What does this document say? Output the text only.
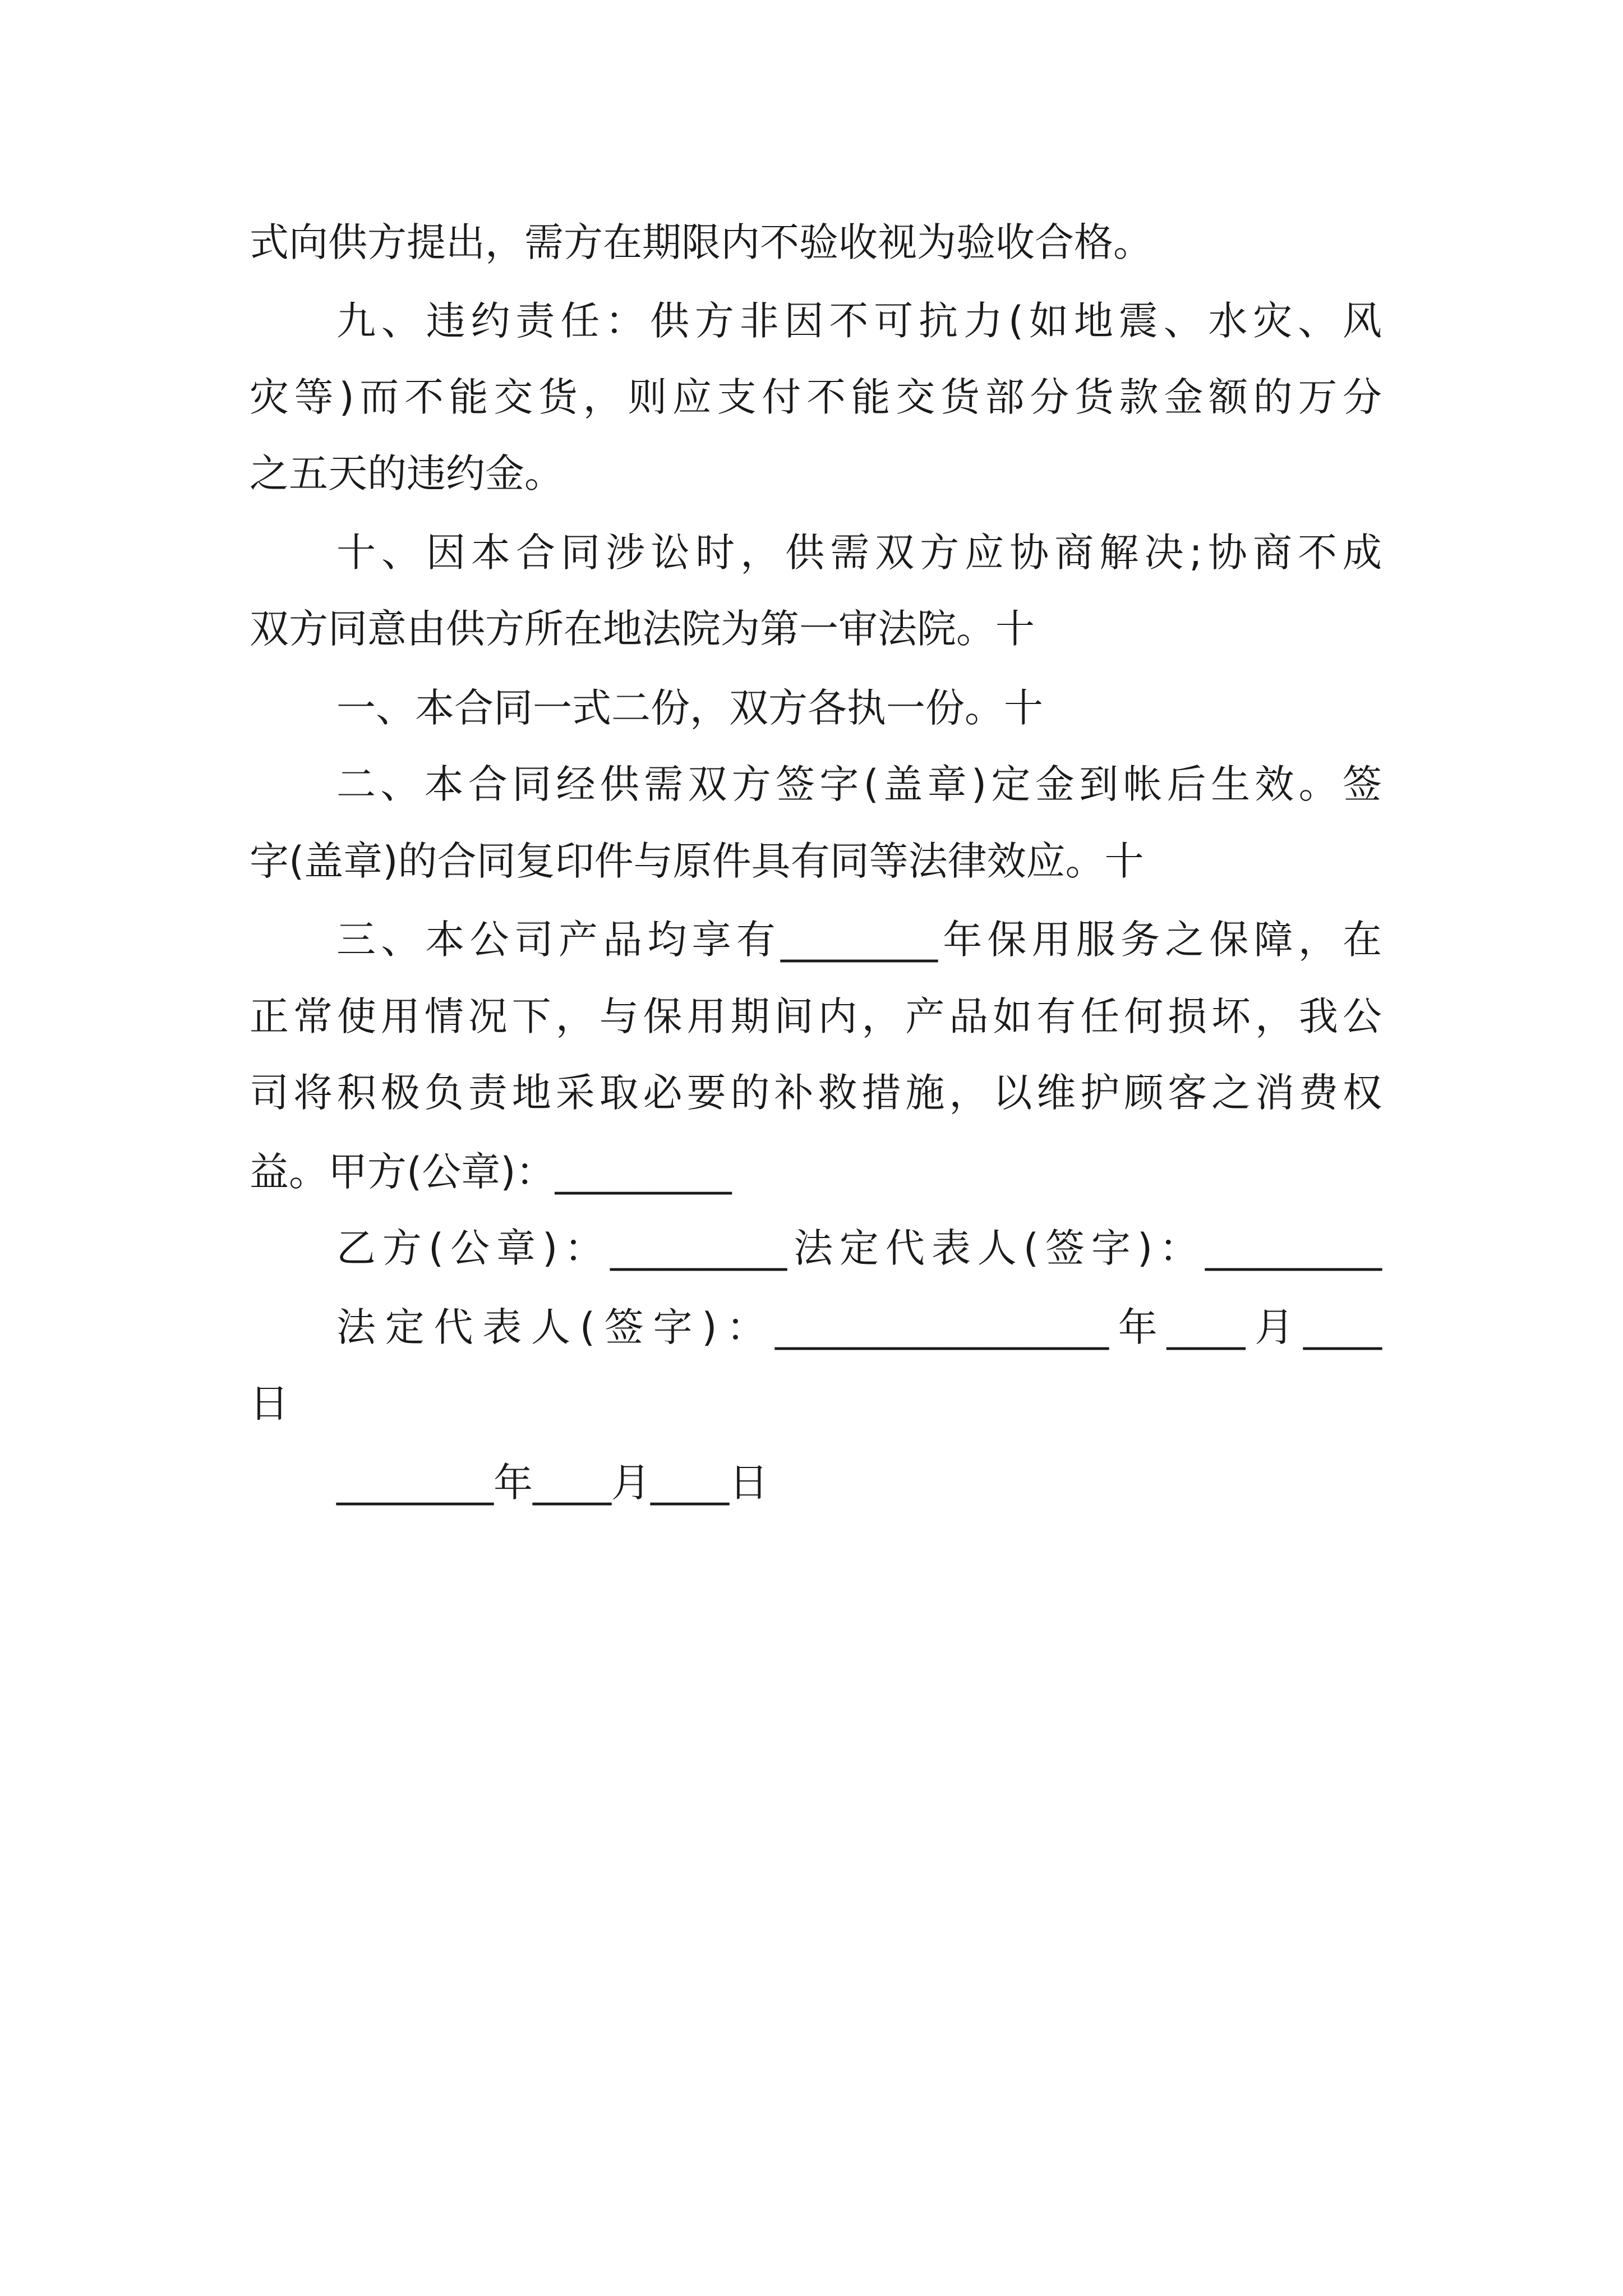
式向供方提出，需方在期限内不验收视为验收合格。
九、违约责任：供方非因不可抗力(如地震、水灾、风
灾等)而不能交货，则应支付不能交货部分货款金额的万分
之五天的违约金。
十、因本合同涉讼时，供需双方应协商解决;协商不成
双方同意由供方所在地法院为第一审法院。十
一、本合同一式二份，双方各执一份。十
二、本合同经供需双方签字(盖章)定金到帐后生效。签
字(盖章)的合同复印件与原件具有同等法律效应。十
三、本公司产品均享有________年保用服务之保障，在
正常使用情况下，与保用期间内，产品如有任何损坏，我公
司将积极负责地采取必要的补救措施，以维护顾客之消费权
益。甲方(公章)：_________
乙方(公章)：_________法定代表人(签字)：_________
法定代表人(签字)：_________________年____月____
日
________年____月____日
